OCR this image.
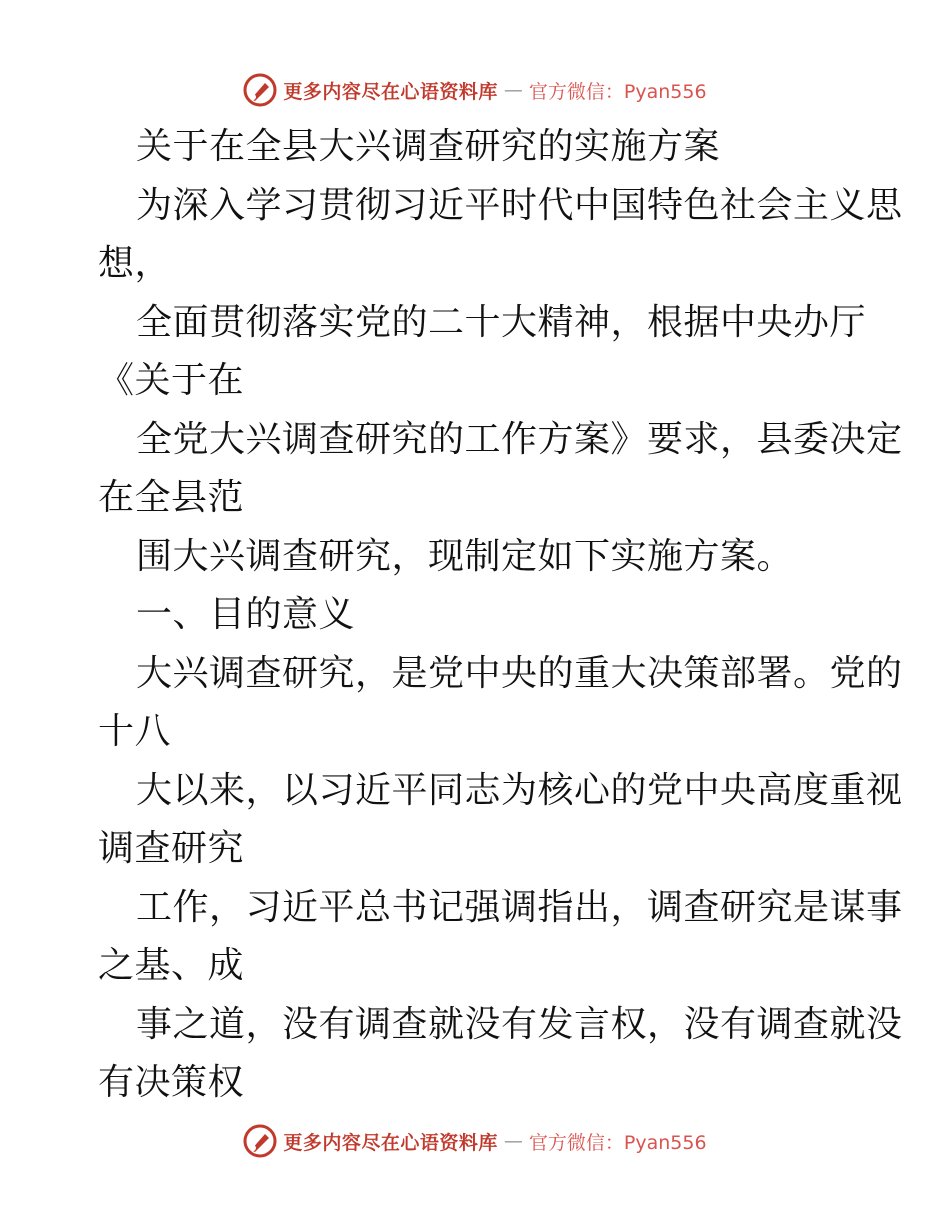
更多内容尽在心语资料库 — 官方微信：Pyan556
关于在全县大兴调查研究的实施方案
为深入学习贯彻习近平时代中国特色社会主义思
想，
全面贯彻落实党的二十大精神，根据中央办厅
《关于在
全党大兴调查研究的工作方案》要求，县委决定
在全县范
围大兴调查研究，现制定如下实施方案。
一、目的意义
大兴调查研究，是党中央的重大决策部署。党的
十八
大以来，以习近平同志为核心的党中央高度重视
调查研究
工作，习近平总书记强调指出，调查研究是谋事
之基、成
事之道，没有调查就没有发言权，没有调查就没
有决策权
更多内容尽在心语资料库 — 官方微信：Pyan556
